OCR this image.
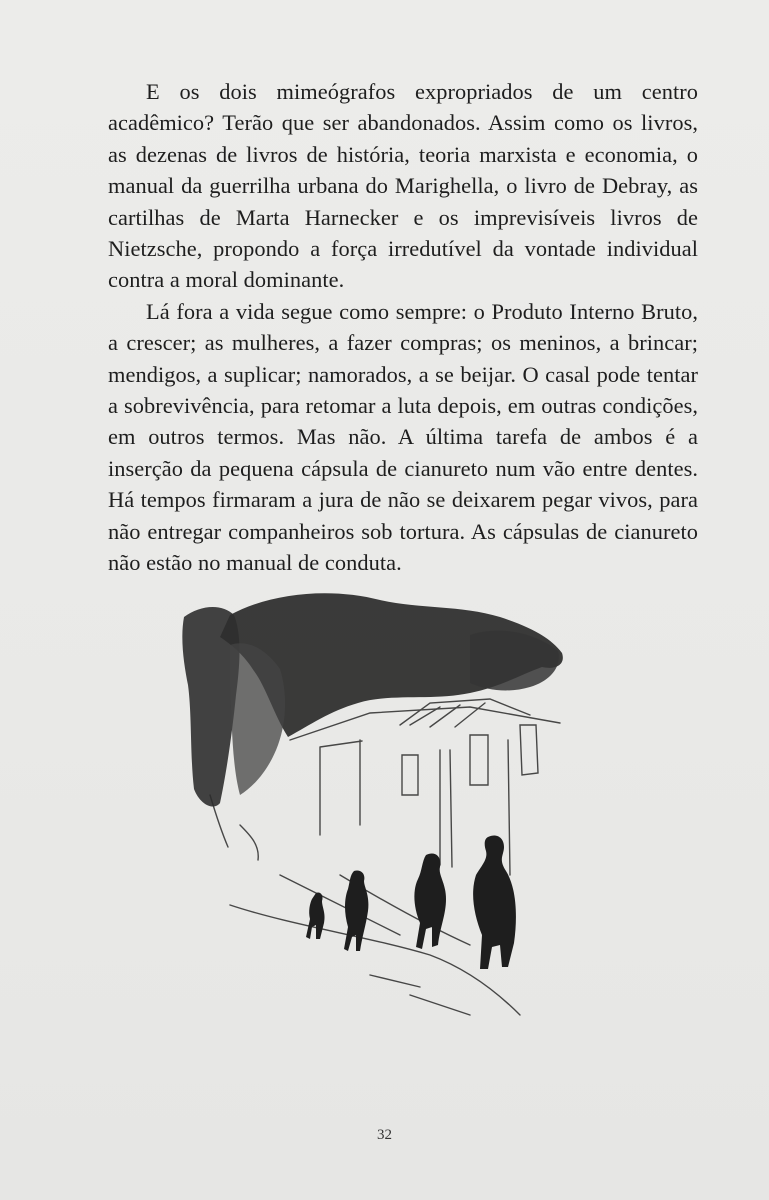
E os dois mimeógrafos expropriados de um centro acadêmico? Terão que ser abandonados. Assim como os livros, as dezenas de livros de história, teoria marxista e economia, o manual da guerrilha urbana do Marighella, o livro de Debray, as cartilhas de Marta Harnecker e os imprevisíveis livros de Nietzsche, propondo a força irredutível da vontade individual contra a moral dominante.

Lá fora a vida segue como sempre: o Produto Interno Bruto, a crescer; as mulheres, a fazer compras; os meninos, a brincar; mendigos, a suplicar; namorados, a se beijar. O casal pode tentar a sobrevivência, para retomar a luta depois, em outras condições, em outros termos. Mas não. A última tarefa de ambos é a inserção da pequena cápsula de cianureto num vão entre dentes. Há tempos firmaram a jura de não se deixarem pegar vivos, para não entregar companheiros sob tortura. As cápsulas de cianureto não estão no manual de conduta.

32
